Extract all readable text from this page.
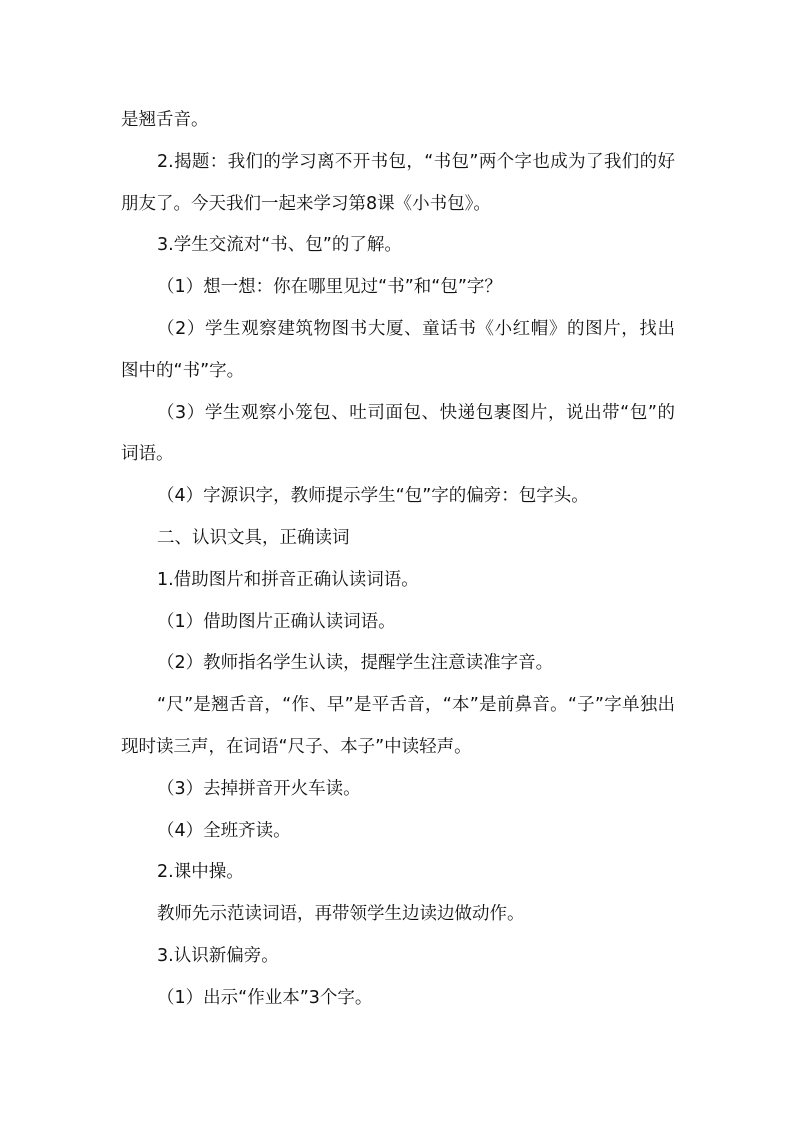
是翘舌音。

2.揭题：我们的学习离不开书包，“书包”两个字也成为了我们的好朋友了。今天我们一起来学习第8课《小书包》。

3.学生交流对“书、包”的了解。

（1）想一想：你在哪里见过“书”和“包”字？

（2）学生观察建筑物图书大厦、童话书《小红帽》的图片，找出图中的“书”字。

（3）学生观察小笼包、吐司面包、快递包裹图片，说出带“包”的词语。

（4）字源识字，教师提示学生“包”字的偏旁：包字头。

二、认识文具，正确读词

1.借助图片和拼音正确认读词语。

（1）借助图片正确认读词语。

（2）教师指名学生认读，提醒学生注意读准字音。

“尺”是翘舌音，“作、早”是平舌音，“本”是前鼻音。“子”字单独出现时读三声，在词语“尺子、本子”中读轻声。

（3）去掉拼音开火车读。

（4）全班齐读。

2.课中操。

教师先示范读词语，再带领学生边读边做动作。

3.认识新偏旁。

（1）出示“作业本”3个字。
